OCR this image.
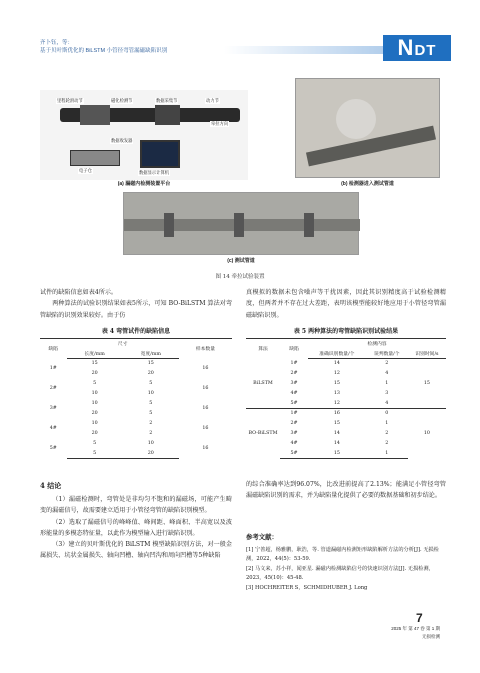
齐卜钰，等：
基于贝叶斯优化的 BiLSTM 小管径弯管漏磁缺陷识别	NDT
里程轮滑动节	磁化检测节	数据采集节	动力节
牵拉方向
数据收发器
电子仓	数据显示计算机
(a) 漏磁内检测装置平台	(b) 检测器进入测试管道
(c) 测试管道
图 14 牵拉试验装置

试件的缺陷信息如表4所示。

两种算法的试验识别结果如表5所示，可知 BO-BiLSTM 算法对弯管缺陷的识别效果较好。由于仿

表 4 弯管试件的缺陷信息
缺陷	尺寸		样本数量
	长度/mm	宽度/mm	
1#	15	15	16
	20	20	
2#	5	5	16
	10	10	
3#	10	5	16
	20	5	
4#	10	2	16
	20	2	
5#	5	10	16
	5	20	
4 结论

（1）漏磁检测时，弯管处是非均匀不饱和的漏磁场，可能产生畸变的漏磁信号，故需要建立适用于小管径弯管的缺陷识别模型。

（2）选取了漏磁信号的峰峰值、峰间距、峰面积、半高宽以及波形能量的多模态特征量，以此作为模型输入进行缺陷识别。

（3）建立的贝叶斯优化的 BiLSTM 模型缺陷识别方法，对一般金属损失、坑状金属损失、轴向凹槽、轴向凹沟和周向凹槽等5种缺陷

真模拟的数据未包含噪声等干扰因素，因此其识别精度高于试验检测精度，但两者并不存在过大差距，表明该模型能较好地应用于小管径弯管漏磁缺陷识别。

表 5 两种算法的弯管缺陷识别试验结果
算法	缺陷	检测内容		
		准确识别数量/个	误判数量/个	识别时间/s
BiLSTM	1#	14	2	15
	2#	12	4	
	3#	15	1	
	4#	13	3	
	5#	12	4	
BO-BiLSTM	1#	16	0	10
	2#	15	1	
	3#	14	2	
	4#	14	2	
	5#	15	1	

的综合准确率达到96.07%，比改进前提高了2.13%；能满足小管径弯管漏磁缺陷识别的需求，并为缺陷量化提供了必要的数据基础和初步结论。

参考文献：
[1] 宁善超，杨雅鹏，耿浩，等. 管道漏磁内检测矩形缺陷解析方法的分析[J]. 无损检测，2022，44(5)：53-59.
[2] 马文来，苏小祥，闻亚星. 漏磁内检测缺陷信号的快速识别方法[J]. 无损检测，2023，45(10)：45-48.
[3] HOCHREITER S，SCHMIDHUBER J. Long
7
2025 年 第 47 卷 第 1 期
无损检测
